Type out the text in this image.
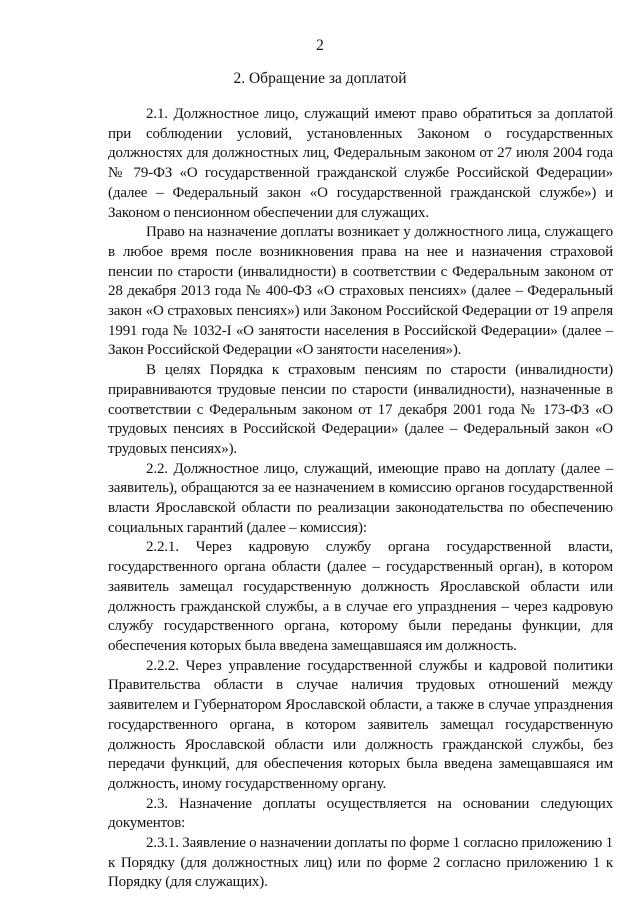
2
2. Обращение за доплатой

2.1. Должностное лицо, служащий имеют право обратиться за доплатой при соблюдении условий, установленных Законом о государственных должностях для должностных лиц, Федеральным законом от 27 июля 2004 года № 79-ФЗ «О государственной гражданской службе Российской Федерации» (далее – Федеральный закон «О государственной гражданской службе») и Законом о пенсионном обеспечении для служащих.

Право на назначение доплаты возникает у должностного лица, служащего в любое время после возникновения права на нее и назначения страховой пенсии по старости (инвалидности) в соответствии с Федеральным законом от 28 декабря 2013 года № 400-ФЗ «О страховых пенсиях» (далее – Федеральный закон «О страховых пенсиях») или Законом Российской Федерации от 19 апреля 1991 года № 1032-I «О занятости населения в Российской Федерации» (далее – Закон Российской Федерации «О занятости населения»).

В целях Порядка к страховым пенсиям по старости (инвалидности) приравниваются трудовые пенсии по старости (инвалидности), назначенные в соответствии с Федеральным законом от 17 декабря 2001 года № 173-ФЗ «О трудовых пенсиях в Российской Федерации» (далее – Федеральный закон «О трудовых пенсиях»).

2.2. Должностное лицо, служащий, имеющие право на доплату (далее – заявитель), обращаются за ее назначением в комиссию органов государственной власти Ярославской области по реализации законодательства по обеспечению социальных гарантий (далее – комиссия):

2.2.1. Через кадровую службу органа государственной власти, государственного органа области (далее – государственный орган), в котором заявитель замещал государственную должность Ярославской области или должность гражданской службы, а в случае его упразднения – через кадровую службу государственного органа, которому были переданы функции, для обеспечения которых была введена замещавшаяся им должность.

2.2.2. Через управление государственной службы и кадровой политики Правительства области в случае наличия трудовых отношений между заявителем и Губернатором Ярославской области, а также в случае упразднения государственного органа, в котором заявитель замещал государственную должность Ярославской области или должность гражданской службы, без передачи функций, для обеспечения которых была введена замещавшаяся им должность, иному государственному органу.

2.3. Назначение доплаты осуществляется на основании следующих документов:

2.3.1. Заявление о назначении доплаты по форме 1 согласно приложению 1 к Порядку (для должностных лиц) или по форме 2 согласно приложению 1 к Порядку (для служащих).
